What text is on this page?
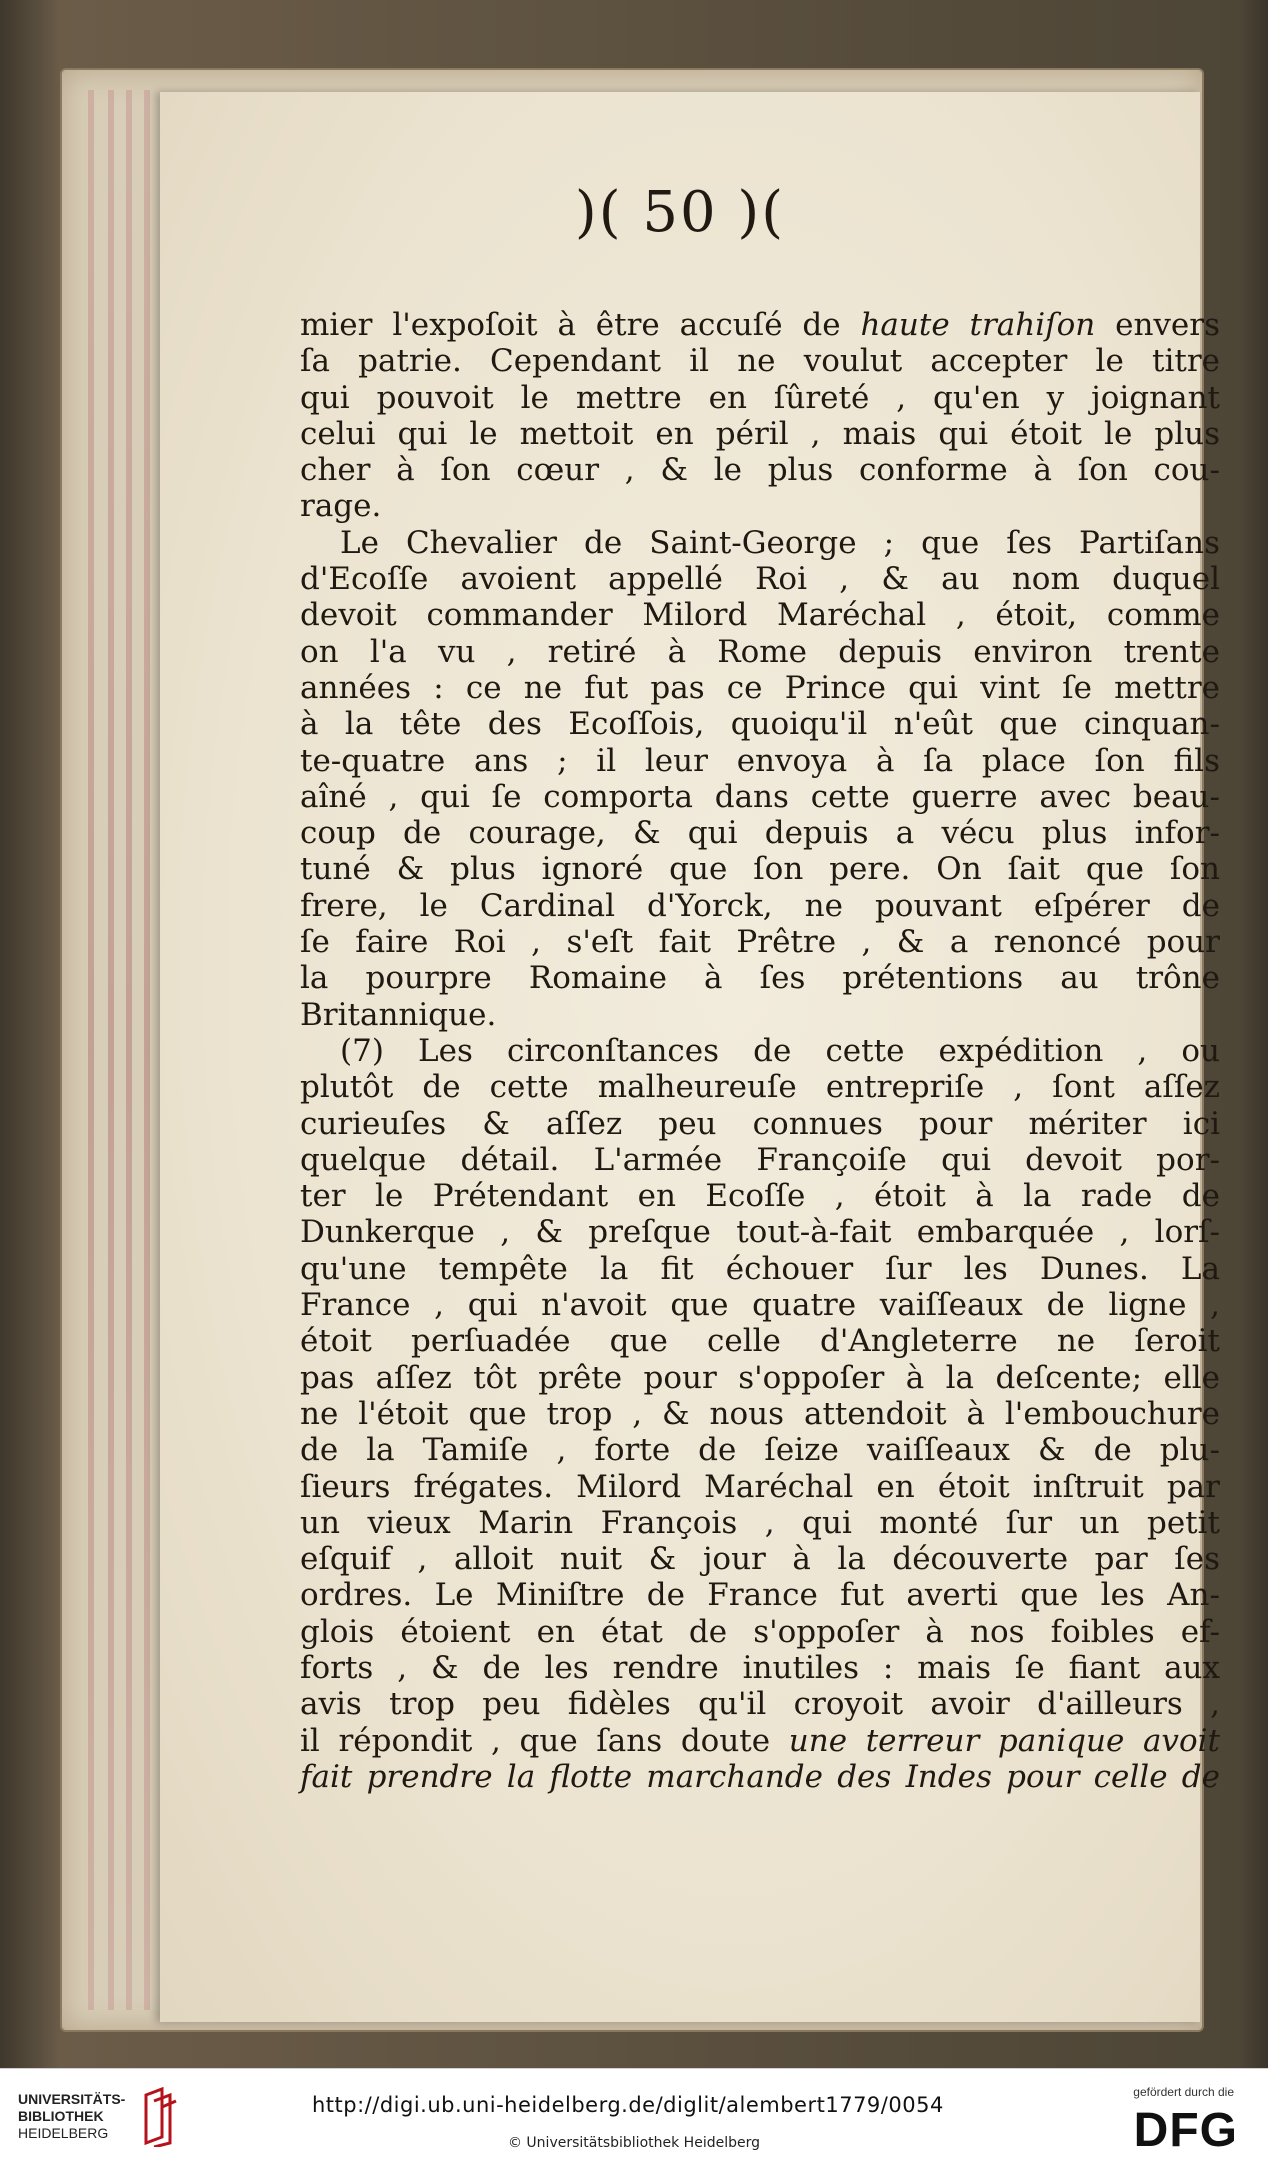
)( 50 )(
mier l'expoſoit à être accuſé de haute trahiſon envers
ſa patrie. Cependant il ne voulut accepter le titre
qui pouvoit le mettre en ſûreté , qu'en y joignant
celui qui le mettoit en péril , mais qui étoit le plus
cher à ſon cœur , & le plus conforme à ſon cou-
rage.
Le Chevalier de Saint-George ; que ſes Partiſans
d'Ecoſſe avoient appellé Roi , & au nom duquel
devoit commander Milord Maréchal , étoit, comme
on l'a vu , retiré à Rome depuis environ trente
années : ce ne fut pas ce Prince qui vint ſe mettre
à la tête des Ecoſſois, quoiqu'il n'eût que cinquan-
te-quatre ans ; il leur envoya à ſa place ſon fils
aîné , qui ſe comporta dans cette guerre avec beau-
coup de courage, & qui depuis a vécu plus infor-
tuné & plus ignoré que ſon pere. On ſait que ſon
frere, le Cardinal d'Yorck, ne pouvant eſpérer de
ſe faire Roi , s'eſt fait Prêtre , & a renoncé pour
la pourpre Romaine à ſes prétentions au trône
Britannique.
(7) Les circonſtances de cette expédition , ou
plutôt de cette malheureuſe entrepriſe , ſont aſſez
curieuſes & aſſez peu connues pour mériter ici
quelque détail. L'armée Françoiſe qui devoit por-
ter le Prétendant en Ecoſſe , étoit à la rade de
Dunkerque , & preſque tout-à-fait embarquée , lorſ-
qu'une tempête la fit échouer ſur les Dunes. La
France , qui n'avoit que quatre vaiſſeaux de ligne ,
étoit perſuadée que celle d'Angleterre ne ſeroit
pas aſſez tôt prête pour s'oppoſer à la deſcente; elle
ne l'étoit que trop , & nous attendoit à l'embouchure
de la Tamiſe , forte de ſeize vaiſſeaux & de plu-
ſieurs frégates. Milord Maréchal en étoit inſtruit par
un vieux Marin François , qui monté ſur un petit
eſquif , alloit nuit & jour à la découverte par ſes
ordres. Le Miniſtre de France fut averti que les An-
glois étoient en état de s'oppoſer à nos foibles ef-
forts , & de les rendre inutiles : mais ſe fiant aux
avis trop peu fidèles qu'il croyoit avoir d'ailleurs ,
il répondit , que ſans doute une terreur panique avoit
fait prendre la flotte marchande des Indes pour celle de
UNIVERSITÄTS-
BIBLIOTHEK
HEIDELBERG
http://digi.ub.uni-heidelberg.de/diglit/alembert1779/0054
© Universitätsbibliothek Heidelberg
gefördert durch die
DFG
